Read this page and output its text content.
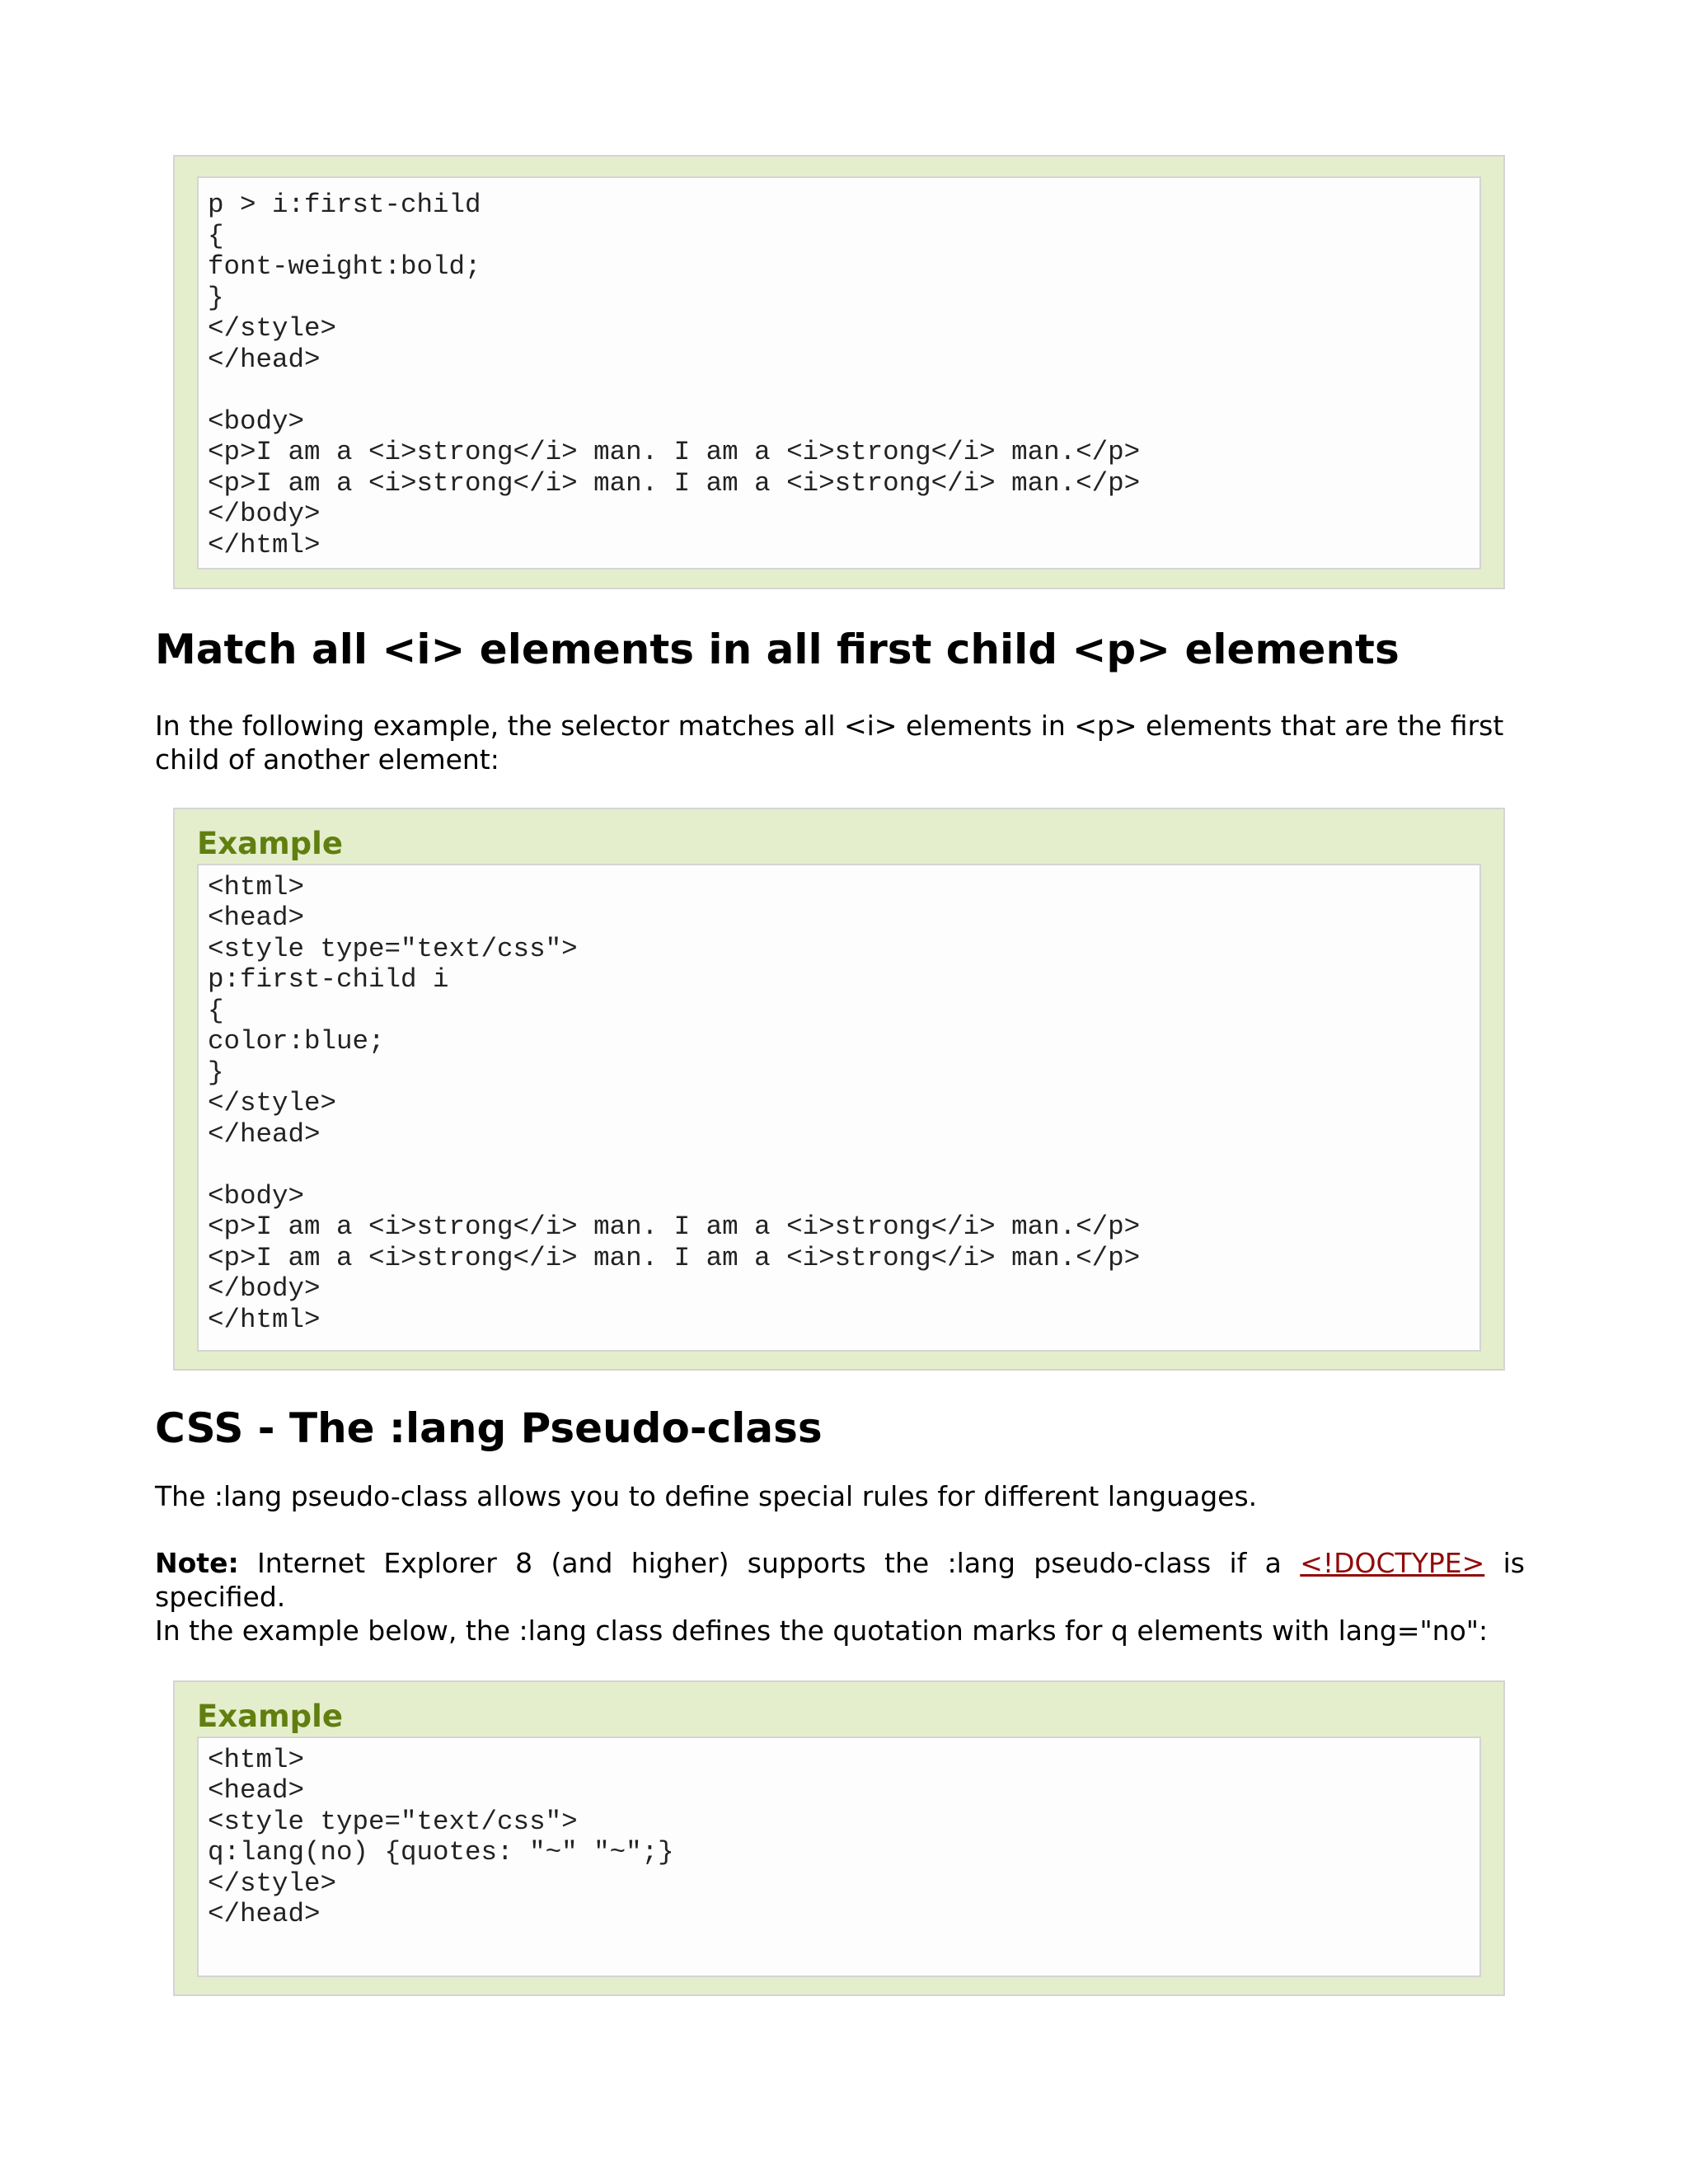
p > i:first-child
{
font-weight:bold;
}
</style>
</head>
<body>
<p>I am a <i>strong</i> man. I am a <i>strong</i> man.</p>
<p>I am a <i>strong</i> man. I am a <i>strong</i> man.</p>
</body>
</html>
Match all <i> elements in all first child <p> elements
In the following example, the selector matches all <i> elements in <p> elements that are the first
child of another element:
Example
<html>
<head>
<style type="text/css">
p:first-child i
{
color:blue;
}
</style>
</head>
<body>
<p>I am a <i>strong</i> man. I am a <i>strong</i> man.</p>
<p>I am a <i>strong</i> man. I am a <i>strong</i> man.</p>
</body>
</html>
CSS - The :lang Pseudo-class
The :lang pseudo-class allows you to define special rules for different languages.
Note: Internet Explorer 8 (and higher) supports the :lang pseudo-class if a <!DOCTYPE> is
specified.
In the example below, the :lang class defines the quotation marks for q elements with lang="no":
Example
<html>
<head>
<style type="text/css">
q:lang(no) {quotes: "~" "~";}
</style>
</head>
